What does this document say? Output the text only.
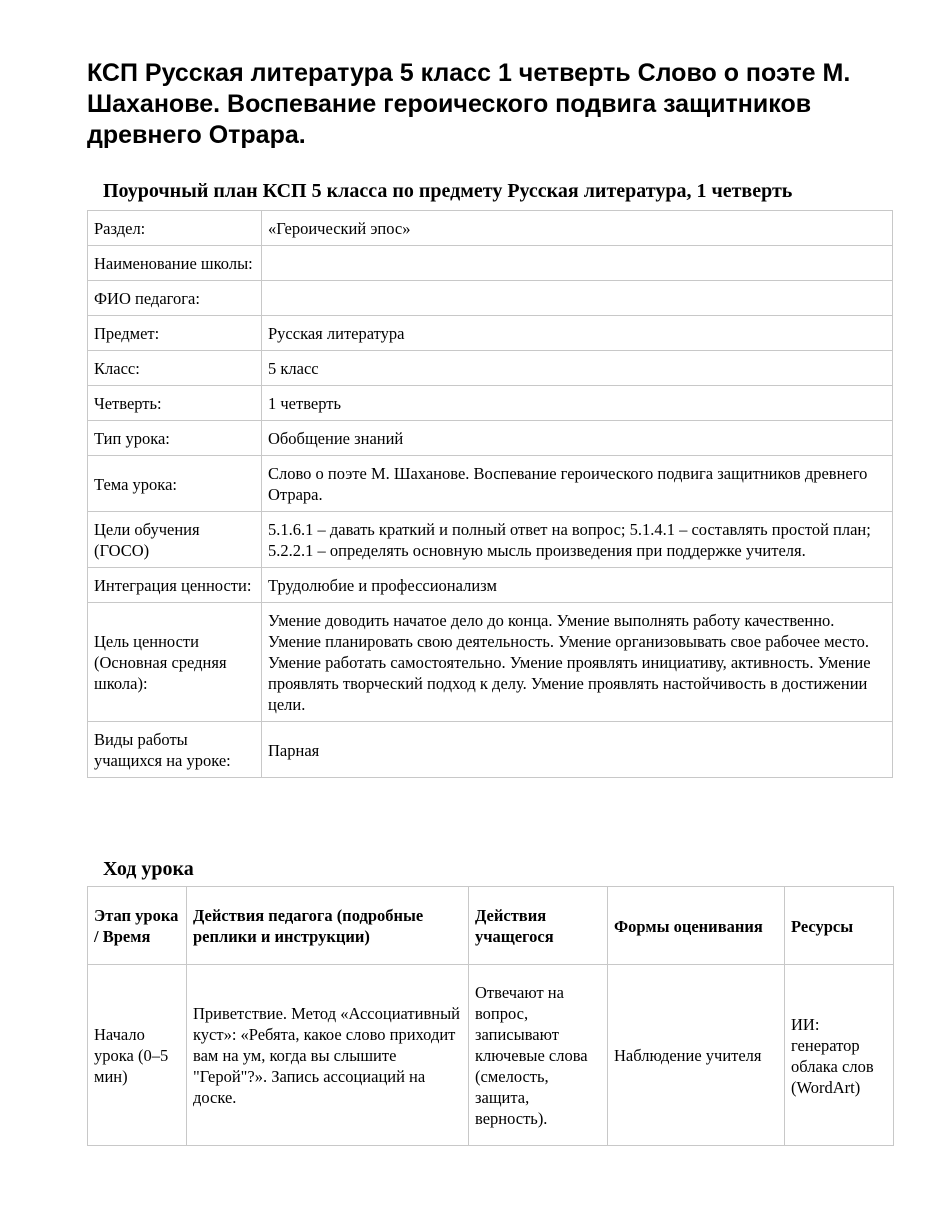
КСП Русская литература 5 класс 1 четверть Слово о поэте М. Шаханове. Воспевание героического подвига защитников древнего Отрара.
Поурочный план КСП 5 класса по предмету Русская литература, 1 четверть
Раздел:	«Героический эпос»
Наименование школы:	
ФИО педагога:	
Предмет:	Русская литература
Класс:	5 класс
Четверть:	1 четверть
Тип урока:	Обобщение знаний
Тема урока:	Слово о поэте М. Шаханове. Воспевание героического подвига защитников древнего Отрара.
Цели обучения (ГОСО)	5.1.6.1 – давать краткий и полный ответ на вопрос; 5.1.4.1 – составлять простой план; 5.2.2.1 – определять основную мысль произведения при поддержке учителя.
Интеграция ценности:	Трудолюбие и профессионализм
Цель ценности (Основная средняя школа):	Умение доводить начатое дело до конца. Умение выполнять работу качественно. Умение планировать свою деятельность. Умение организовывать свое рабочее место. Умение работать самостоятельно. Умение проявлять инициативу, активность. Умение проявлять творческий подход к делу. Умение проявлять настойчивость в достижении цели.
Виды работы учащихся на уроке:	Парная
Ход урока
Этап урока / Время	Действия педагога (подробные реплики и инструкции)	Действия учащегося	Формы оценивания	Ресурсы
Начало урока (0–5 мин)	Приветствие. Метод «Ассоциативный куст»: «Ребята, какое слово приходит вам на ум, когда вы слышите "Герой"?». Запись ассоциаций на доске.	Отвечают на вопрос, записывают ключевые слова (смелость, защита, верность).	Наблюдение учителя	ИИ: генератор облака слов (WordArt)
